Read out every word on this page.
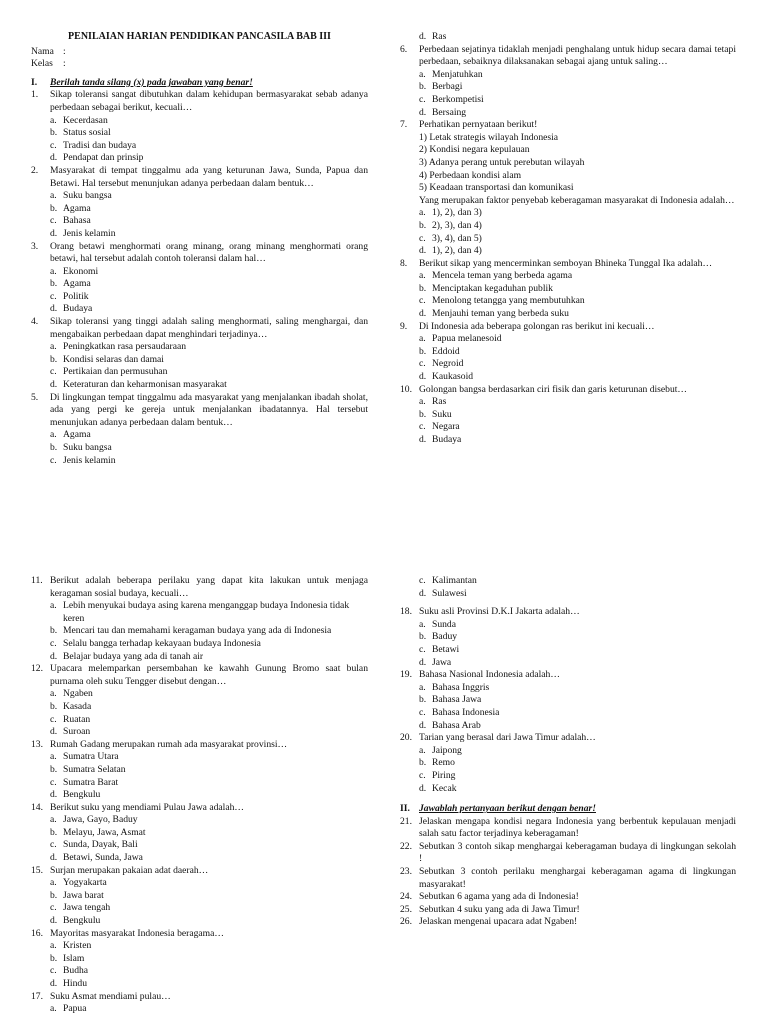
PENILAIAN HARIAN PENDIDIKAN PANCASILA BAB III
Nama :
Kelas	:
I.	Berilah tanda silang (x) pada jawaban yang benar!
1.	Sikap toleransi sangat dibutuhkan dalam kehidupan bermasyarakat sebab adanya perbedaan sebagai berikut, kecuali…
a. Kecerdasan
b. Status sosial
c. Tradisi dan budaya
d. Pendapat dan prinsip
2.	Masyarakat di tempat tinggalmu ada yang keturunan Jawa, Sunda, Papua dan Betawi. Hal tersebut menunjukan adanya perbedaan dalam bentuk…
a. Suku bangsa
b. Agama
c. Bahasa
d. Jenis kelamin
3.	Orang betawi menghormati orang minang, orang minang menghormati orang betawi, hal tersebut adalah contoh toleransi dalam hal…
a. Ekonomi
b. Agama
c. Politik
d. Budaya
4.	Sikap toleransi yang tinggi adalah saling menghormati, saling menghargai, dan mengabaikan perbedaan dapat menghindari terjadinya…
a. Peningkatkan rasa persaudaraan
b. Kondisi selaras dan damai
c. Pertikaian dan permusuhan
d. Keteraturan dan keharmonisan masyarakat
5.	Di lingkungan tempat tinggalmu ada masyarakat yang menjalankan ibadah sholat, ada yang pergi ke gereja untuk menjalankan ibadatannya. Hal tersebut menunjukan adanya perbedaan dalam bentuk…
a. Agama
b. Suku bangsa
c. Jenis kelamin
d. Ras
6.	Perbedaan sejatinya tidaklah menjadi penghalang untuk hidup secara damai tetapi perbedaan, sebaiknya dilaksanakan sebagai ajang untuk saling…
a. Menjatuhkan
b. Berbagi
c. Berkompetisi
d. Bersaing
7.	Perhatikan pernyataan berikut!
1) Letak strategis wilayah Indonesia
2) Kondisi negara kepulauan
3) Adanya perang untuk perebutan wilayah
4) Perbedaan kondisi alam
5) Keadaan transportasi dan komunikasi
Yang merupakan faktor penyebab keberagaman masyarakat di Indonesia adalah…
a. 1), 2), dan 3)
b. 2), 3), dan 4)
c. 3), 4), dan 5)
d. 1), 2), dan 4)
8.	Berikut sikap yang mencerminkan semboyan Bhineka Tunggal Ika adalah…
a. Mencela teman yang berbeda agama
b. Menciptakan kegaduhan publik
c. Menolong tetangga yang membutuhkan
d. Menjauhi teman yang berbeda suku
9.	Di Indonesia ada beberapa golongan ras berikut ini kecuali…
a. Papua melanesoid
b. Eddoid
c. Negroid
d. Kaukasoid
10. Golongan bangsa berdasarkan ciri fisik dan garis keturunan disebut…
a. Ras
b. Suku
c. Negara
d. Budaya
11. Berikut adalah beberapa perilaku yang dapat kita lakukan untuk menjaga keragaman sosial budaya, kecuali…
a. Lebih menyukai budaya asing karena menganggap budaya Indonesia tidak keren
b. Mencari tau dan memahami keragaman budaya yang ada di Indonesia
c. Selalu bangga terhadap kekayaan budaya Indonesia
d. Belajar budaya yang ada di tanah air
12. Upacara melemparkan persembahan ke kawahh Gunung Bromo saat bulan purnama oleh suku Tengger disebut dengan…
a. Ngaben
b. Kasada
c. Ruatan
d. Suroan
13. Rumah Gadang merupakan rumah ada masyarakat provinsi…
a. Sumatra Utara
b. Sumatra Selatan
c. Sumatra Barat
d. Bengkulu
14. Berikut suku yang mendiami Pulau Jawa adalah…
a. Jawa, Gayo, Baduy
b. Melayu, Jawa, Asmat
c. Sunda, Dayak, Bali
d. Betawi, Sunda, Jawa
15. Surjan merupakan pakaian adat daerah…
a. Yogyakarta
b. Jawa barat
c. Jawa tengah
d. Bengkulu
16. Mayoritas masyarakat Indonesia beragama…
a. Kristen
b. Islam
c. Budha
d. Hindu
17. Suku Asmat mendiami pulau…
a. Papua
c. Kalimantan
d. Sulawesi
18. Suku asli Provinsi D.K.I Jakarta adalah…
a. Sunda
b. Baduy
c. Betawi
d. Jawa
19. Bahasa Nasional Indonesia adalah…
a. Bahasa Inggris
b. Bahasa Jawa
c. Bahasa Indonesia
d. Bahasa Arab
20. Tarian yang berasal dari Jawa Timur adalah…
a. Jaipong
b. Remo
c. Piring
d. Kecak
II. Jawablah pertanyaan berikut dengan benar!
21. Jelaskan mengapa kondisi negara Indonesia yang berbentuk kepulauan menjadi salah satu factor terjadinya keberagaman!
22. Sebutkan 3 contoh sikap menghargai keberagaman budaya di lingkungan sekolah !
23. Sebutkan 3 contoh perilaku menghargai keberagaman agama di lingkungan masyarakat!
24. Sebutkan 6 agama yang ada di Indonesia!
25. Sebutkan 4 suku yang ada di Jawa Timur!
26. Jelaskan mengenai upacara adat Ngaben!
